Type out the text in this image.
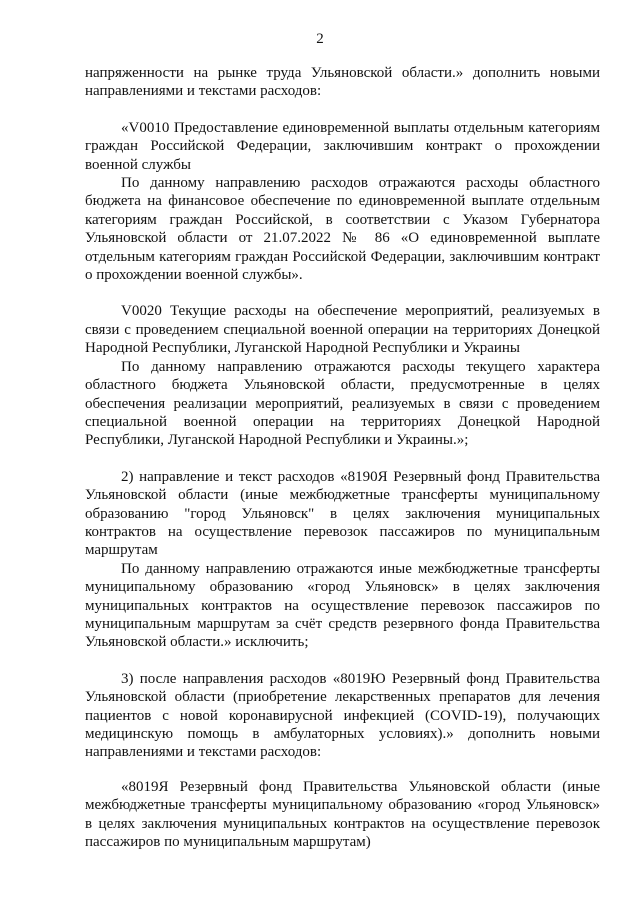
2

напряженности на рынке труда Ульяновской области.» дополнить новыми направлениями и текстами расходов:

«V0010 Предоставление единовременной выплаты отдельным категориям граждан Российской Федерации, заключившим контракт о прохождении военной службы

По данному направлению расходов отражаются расходы областного бюджета на финансовое обеспечение по единовременной выплате отдельным категориям граждан Российской, в соответствии с Указом Губернатора Ульяновской области от 21.07.2022 № 86 «О единовременной выплате отдельным категориям граждан Российской Федерации, заключившим контракт о прохождении военной службы».

V0020 Текущие расходы на обеспечение мероприятий, реализуемых в связи с проведением специальной военной операции на территориях Донецкой Народной Республики, Луганской Народной Республики и Украины

По данному направлению отражаются расходы текущего характера областного бюджета Ульяновской области, предусмотренные в целях обеспечения реализации мероприятий, реализуемых в связи с проведением специальной военной операции на территориях Донецкой Народной Республики, Луганской Народной Республики и Украины.»;

2) направление и текст расходов «8190Я Резервный фонд Правительства Ульяновской области (иные межбюджетные трансферты муниципальному образованию "город Ульяновск" в целях заключения муниципальных контрактов на осуществление перевозок пассажиров по муниципальным маршрутам

По данному направлению отражаются иные межбюджетные трансферты муниципальному образованию «город Ульяновск» в целях заключения муниципальных контрактов на осуществление перевозок пассажиров по муниципальным маршрутам за счёт средств резервного фонда Правительства Ульяновской области.» исключить;

3) после направления расходов «8019Ю Резервный фонд Правительства Ульяновской области (приобретение лекарственных препаратов для лечения пациентов с новой коронавирусной инфекцией (COVID-19), получающих медицинскую помощь в амбулаторных условиях).» дополнить новыми направлениями и текстами расходов:

«8019Я Резервный фонд Правительства Ульяновской области (иные межбюджетные трансферты муниципальному образованию «город Ульяновск» в целях заключения муниципальных контрактов на осуществление перевозок пассажиров по муниципальным маршрутам)
